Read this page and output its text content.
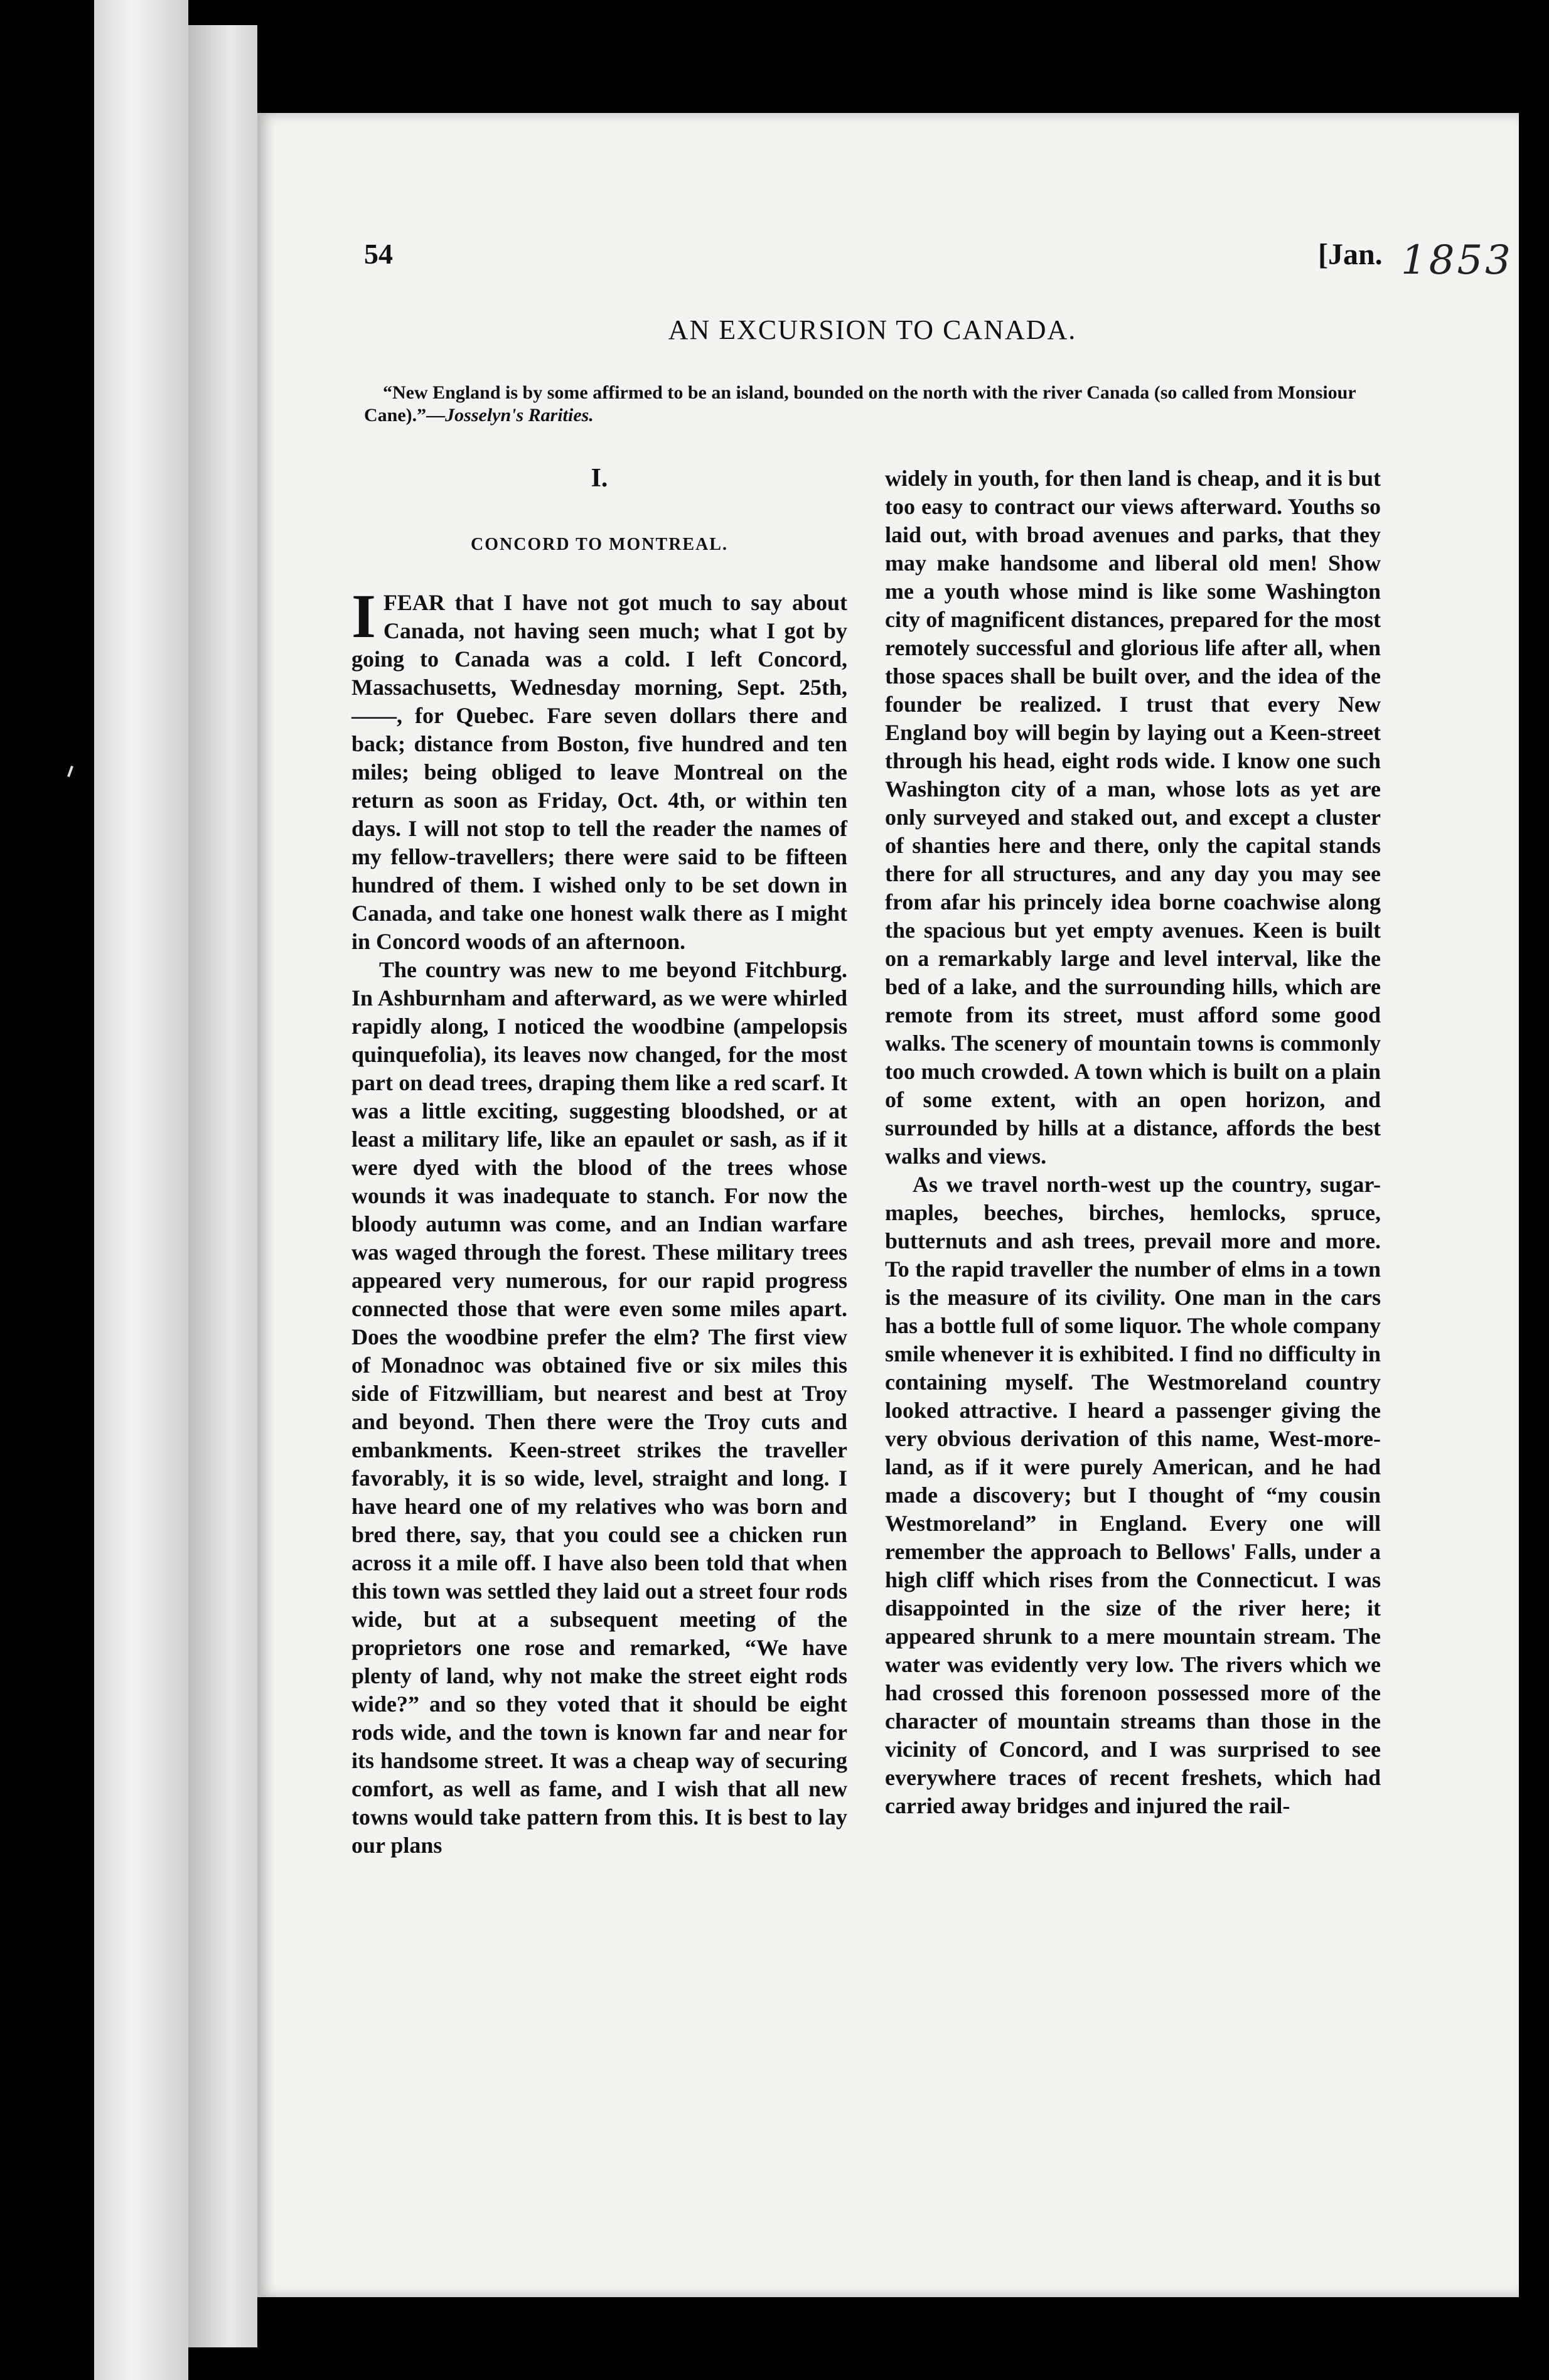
54	[Jan. 1853
AN EXCURSION TO CANADA.
“New England is by some affirmed to be an island, bounded on the north with the river Canada (so called from Monsiour Cane).”—Josselyn's Rarities.
I.
CONCORD TO MONTREAL.

IFEAR that I have not got much to say about Canada, not having seen much; what I got by going to Canada was a cold. I left Concord, Massachusetts, Wednesday morning, Sept. 25th, ——, for Quebec. Fare seven dollars there and back; distance from Boston, five hundred and ten miles; being obliged to leave Montreal on the return as soon as Friday, Oct. 4th, or within ten days. I will not stop to tell the reader the names of my fellow-travellers; there were said to be fifteen hundred of them. I wished only to be set down in Canada, and take one honest walk there as I might in Concord woods of an afternoon.

The country was new to me beyond Fitchburg. In Ashburnham and afterward, as we were whirled rapidly along, I noticed the woodbine (ampelopsis quinquefolia), its leaves now changed, for the most part on dead trees, draping them like a red scarf. It was a little exciting, suggesting bloodshed, or at least a military life, like an epaulet or sash, as if it were dyed with the blood of the trees whose wounds it was inadequate to stanch. For now the bloody autumn was come, and an Indian warfare was waged through the forest. These military trees appeared very numerous, for our rapid progress connected those that were even some miles apart. Does the woodbine prefer the elm? The first view of Monadnoc was obtained five or six miles this side of Fitzwilliam, but nearest and best at Troy and beyond. Then there were the Troy cuts and embankments. Keen-street strikes the traveller favorably, it is so wide, level, straight and long. I have heard one of my relatives who was born and bred there, say, that you could see a chicken run across it a mile off. I have also been told that when this town was settled they laid out a street four rods wide, but at a subsequent meeting of the proprietors one rose and remarked, “We have plenty of land, why not make the street eight rods wide?” and so they voted that it should be eight rods wide, and the town is known far and near for its handsome street. It was a cheap way of securing comfort, as well as fame, and I wish that all new towns would take pattern from this. It is best to lay our plans

widely in youth, for then land is cheap, and it is but too easy to contract our views afterward. Youths so laid out, with broad avenues and parks, that they may make handsome and liberal old men! Show me a youth whose mind is like some Washington city of magnificent distances, prepared for the most remotely successful and glorious life after all, when those spaces shall be built over, and the idea of the founder be realized. I trust that every New England boy will begin by laying out a Keen-street through his head, eight rods wide. I know one such Washington city of a man, whose lots as yet are only surveyed and staked out, and except a cluster of shanties here and there, only the capital stands there for all structures, and any day you may see from afar his princely idea borne coachwise along the spacious but yet empty avenues. Keen is built on a remarkably large and level interval, like the bed of a lake, and the surrounding hills, which are remote from its street, must afford some good walks. The scenery of mountain towns is commonly too much crowded. A town which is built on a plain of some extent, with an open horizon, and surrounded by hills at a distance, affords the best walks and views.

As we travel north-west up the country, sugar-maples, beeches, birches, hemlocks, spruce, butternuts and ash trees, prevail more and more. To the rapid traveller the number of elms in a town is the measure of its civility. One man in the cars has a bottle full of some liquor. The whole company smile whenever it is exhibited. I find no difficulty in containing myself. The Westmoreland country looked attractive. I heard a passenger giving the very obvious derivation of this name, West-more-land, as if it were purely American, and he had made a discovery; but I thought of “my cousin Westmoreland” in England. Every one will remember the approach to Bellows' Falls, under a high cliff which rises from the Connecticut. I was disappointed in the size of the river here; it appeared shrunk to a mere mountain stream. The water was evidently very low. The rivers which we had crossed this forenoon possessed more of the character of mountain streams than those in the vicinity of Concord, and I was surprised to see everywhere traces of recent freshets, which had carried away bridges and injured the rail-
